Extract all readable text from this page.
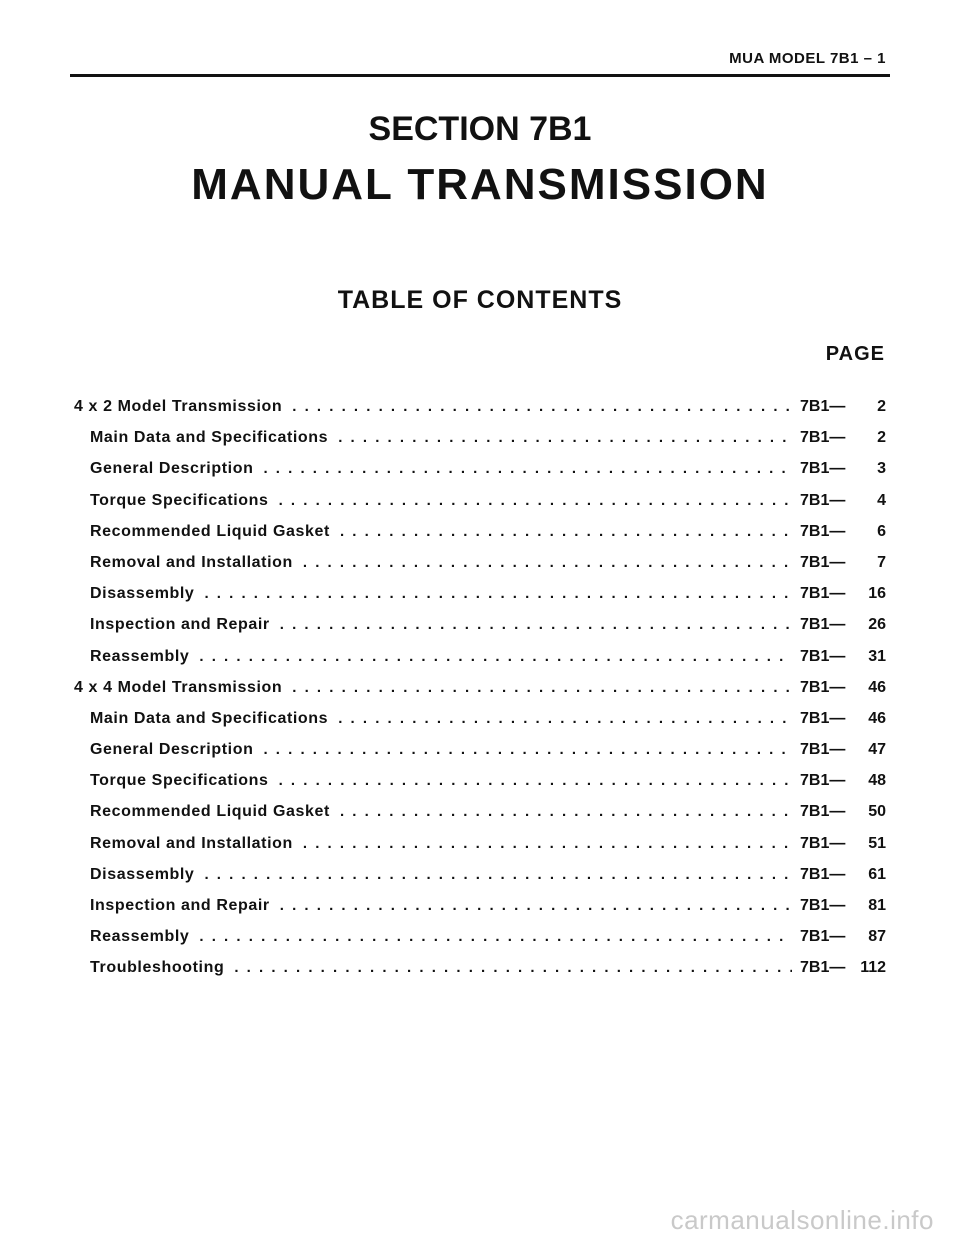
MUA MODEL 7B1 – 1
SECTION 7B1
MANUAL TRANSMISSION
TABLE OF CONTENTS
PAGE
4 x 2 Model Transmission . . .	7B1—	2
Main Data and Specifications . . .	7B1—	2
General Description . . .	7B1—	3
Torque Specifications . . .	7B1—	4
Recommended Liquid Gasket . . .	7B1—	6
Removal and Installation . . .	7B1—	7
Disassembly . . .	7B1—	16
Inspection and Repair . . .	7B1—	26
Reassembly . . .	7B1—	31
4 x 4 Model Transmission . . .	7B1—	46
Main Data and Specifications . . .	7B1—	46
General Description . . .	7B1—	47
Torque Specifications . . .	7B1—	48
Recommended Liquid Gasket . . .	7B1—	50
Removal and Installation . . .	7B1—	51
Disassembly . . .	7B1—	61
Inspection and Repair . . .	7B1—	81
Reassembly . . .	7B1—	87
Troubleshooting . . .	7B1— 112
carmanualsonline.info
